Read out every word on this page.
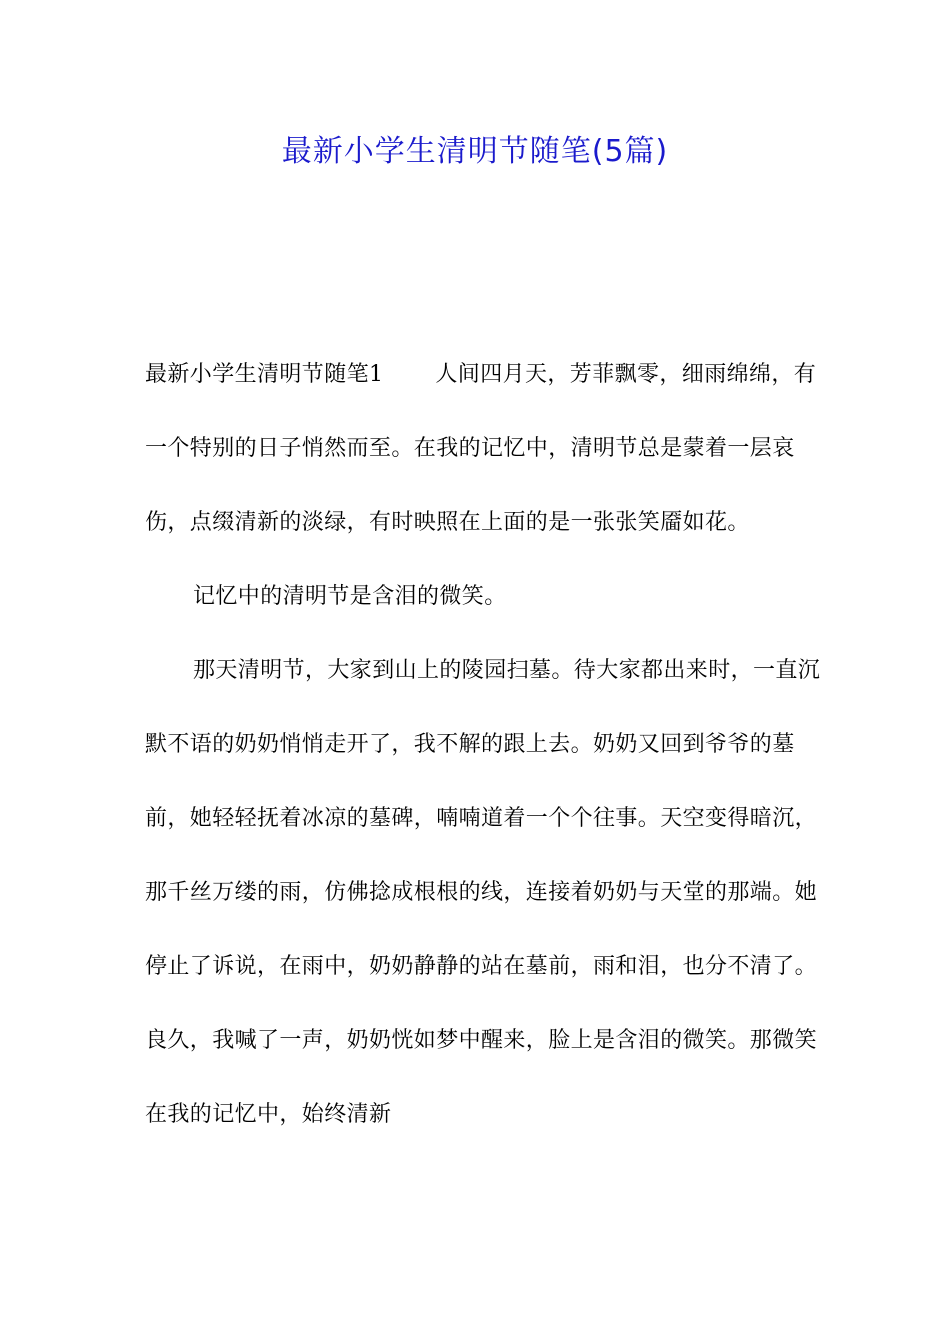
最新小学生清明节随笔(5篇)

最新小学生清明节随笔1 人间四月天，芳菲飘零，细雨绵绵，有一个特别的日子悄然而至。在我的记忆中，清明节总是蒙着一层哀伤，点缀清新的淡绿，有时映照在上面的是一张张笑靥如花。

记忆中的清明节是含泪的微笑。

那天清明节，大家到山上的陵园扫墓。待大家都出来时，一直沉默不语的奶奶悄悄走开了，我不解的跟上去。奶奶又回到爷爷的墓前，她轻轻抚着冰凉的墓碑，喃喃道着一个个往事。天空变得暗沉，那千丝万缕的雨，仿佛捻成根根的线，连接着奶奶与天堂的那端。她停止了诉说，在雨中，奶奶静静的站在墓前，雨和泪，也分不清了。良久，我喊了一声，奶奶恍如梦中醒来，脸上是含泪的微笑。那微笑在我的记忆中，始终清新
